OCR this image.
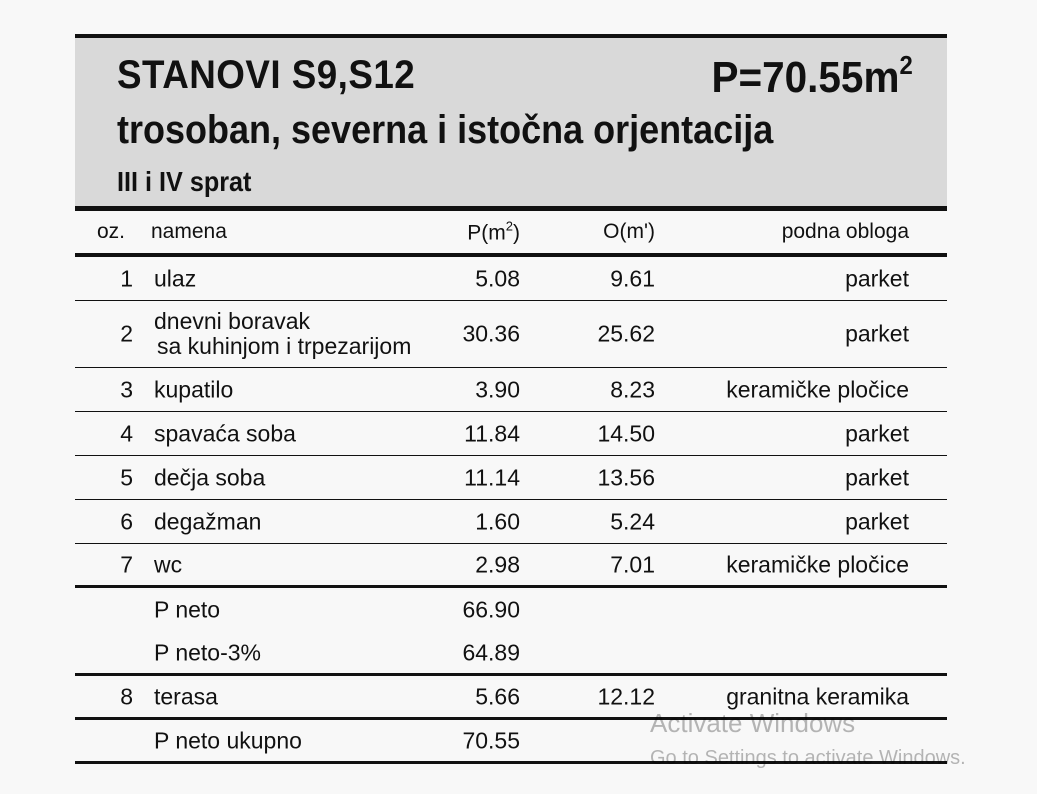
STANOVI S9,S12	$P=70.55m^2$
trosoban, severna i istočna orjentacija
III i IV sprat
oz. namena	$P(m^2)$	O(m')	podna obloga
1 ulaz	5.08	9.61	parket
2 dnevni boravak
sa kuhinjom i trpezarijom	30.36	25.62	parket
3 kupatilo	3.90	8.23	keramičke pločice
4 spavaća soba	11.84	14.50	parket
5 dečja soba	11.14	13.56	parket
6 degažman	1.60	5.24	parket
7 wc	2.98	7.01	keramičke pločice
P neto	66.90
P neto-3%	64.89
8 terasa	5.66	12.12	granitna keramika
P neto ukupno	70.55
Activate Windows
Go to Settings to activate Windows.
